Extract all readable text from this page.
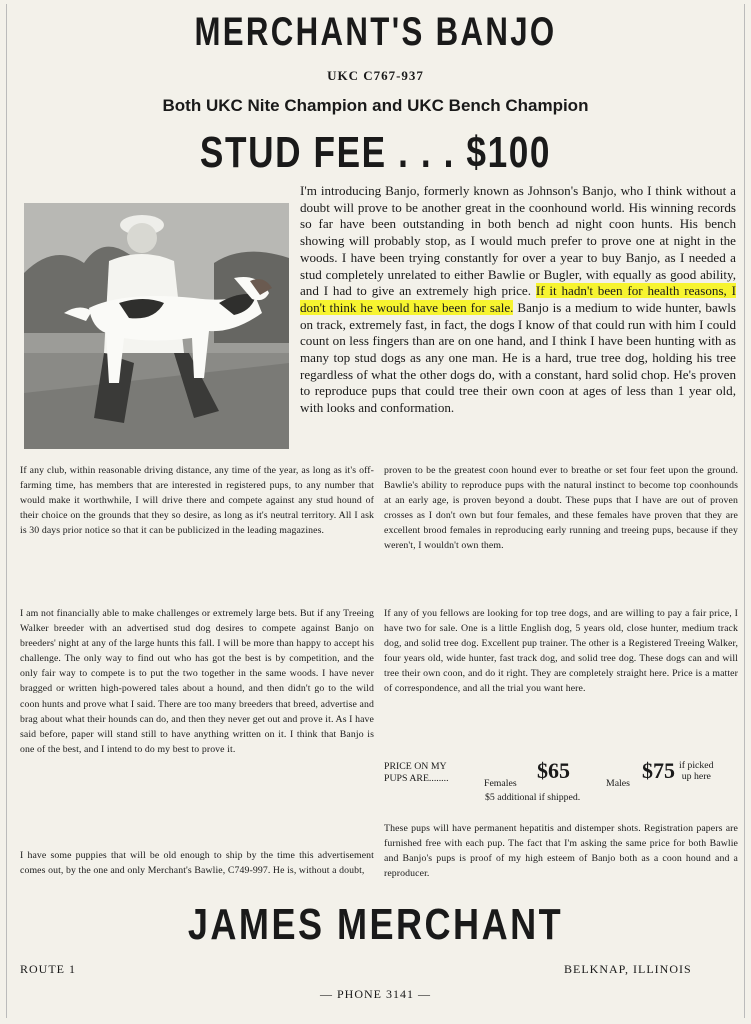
MERCHANT'S BANJO
UKC C767-937
Both UKC Nite Champion and UKC Bench Champion
STUD FEE . . . $100
I'm introducing Banjo, formerly known as Johnson's Banjo, who I think without a doubt will prove to be another great in the coonhound world. His winning records so far have been outstanding in both bench ad night coon hunts. His bench showing will probably stop, as I would much prefer to prove one at night in the woods. I have been trying constantly for over a year to buy Banjo, as I needed a stud completely unrelated to either Bawlie or Bugler, with equally as good ability, and I had to give an extremely high price. If it hadn't been for health reasons, I don't think he would have been for sale. Banjo is a medium to wide hunter, bawls on track, extremely fast, in fact, the dogs I know of that could run with him I could count on less fingers than are on one hand, and I think I have been hunting with as many top stud dogs as any one man. He is a hard, true tree dog, holding his tree regardless of what the other dogs do, with a constant, hard solid chop. He's proven to reproduce pups that could tree their own coon at ages of less than 1 year old, with looks and conformation.
If any club, within reasonable driving distance, any time of the year, as long as it's off-farming time, has members that are interested in registered pups, to any number that would make it worthwhile, I will drive there and compete against any stud hound of their choice on the grounds that they so desire, as long as it's neutral territory. All I ask is 30 days prior notice so that it can be publicized in the leading magazines.
I am not financially able to make challenges or extremely large bets. But if any Treeing Walker breeder with an advertised stud dog desires to compete against Banjo on breeders' night at any of the large hunts this fall. I will be more than happy to accept his challenge. The only way to find out who has got the best is by competition, and the only fair way to compete is to put the two together in the same woods. I have never bragged or written high-powered tales about a hound, and then didn't go to the wild coon hunts and prove what I said. There are too many breeders that breed, advertise and brag about what their hounds can do, and then they never get out and prove it. As I have said before, paper will stand still to have anything written on it. I think that Banjo is one of the best, and I intend to do my best to prove it.
I have some puppies that will be old enough to ship by the time this advertisement comes out, by the one and only Merchant's Bawlie, C749-997. He is, without a doubt,
proven to be the greatest coon hound ever to breathe or set four feet upon the ground. Bawlie's ability to reproduce pups with the natural instinct to become top coonhounds at an early age, is proven beyond a doubt. These pups that I have are out of proven crosses as I don't own but four females, and these females have proven that they are excellent brood females in reproducing early running and treeing pups, because if they weren't, I wouldn't own them.
If any of you fellows are looking for top tree dogs, and are willing to pay a fair price, I have two for sale. One is a little English dog, 5 years old, close hunter, medium track dog, and solid tree dog. Excellent pup trainer. The other is a Registered Treeing Walker, four years old, wide hunter, fast track dog, and solid tree dog. These dogs can and will tree their own coon, and do it right. They are completely straight here. Price is a matter of correspondence, and all the trial you want here.
PRICE ON MY
PUPS ARE........	Females
$65
Males
$75 if picked
up here
$5 additional if shipped.
These pups will have permanent hepatitis and distemper shots. Registration papers are furnished free with each pup. The fact that I'm asking the same price for both Bawlie and Banjo's pups is proof of my high esteem of Banjo both as a coon hound and a reproducer.
JAMES MERCHANT
ROUTE 1	BELKNAP, ILLINOIS
— PHONE 3141 —
